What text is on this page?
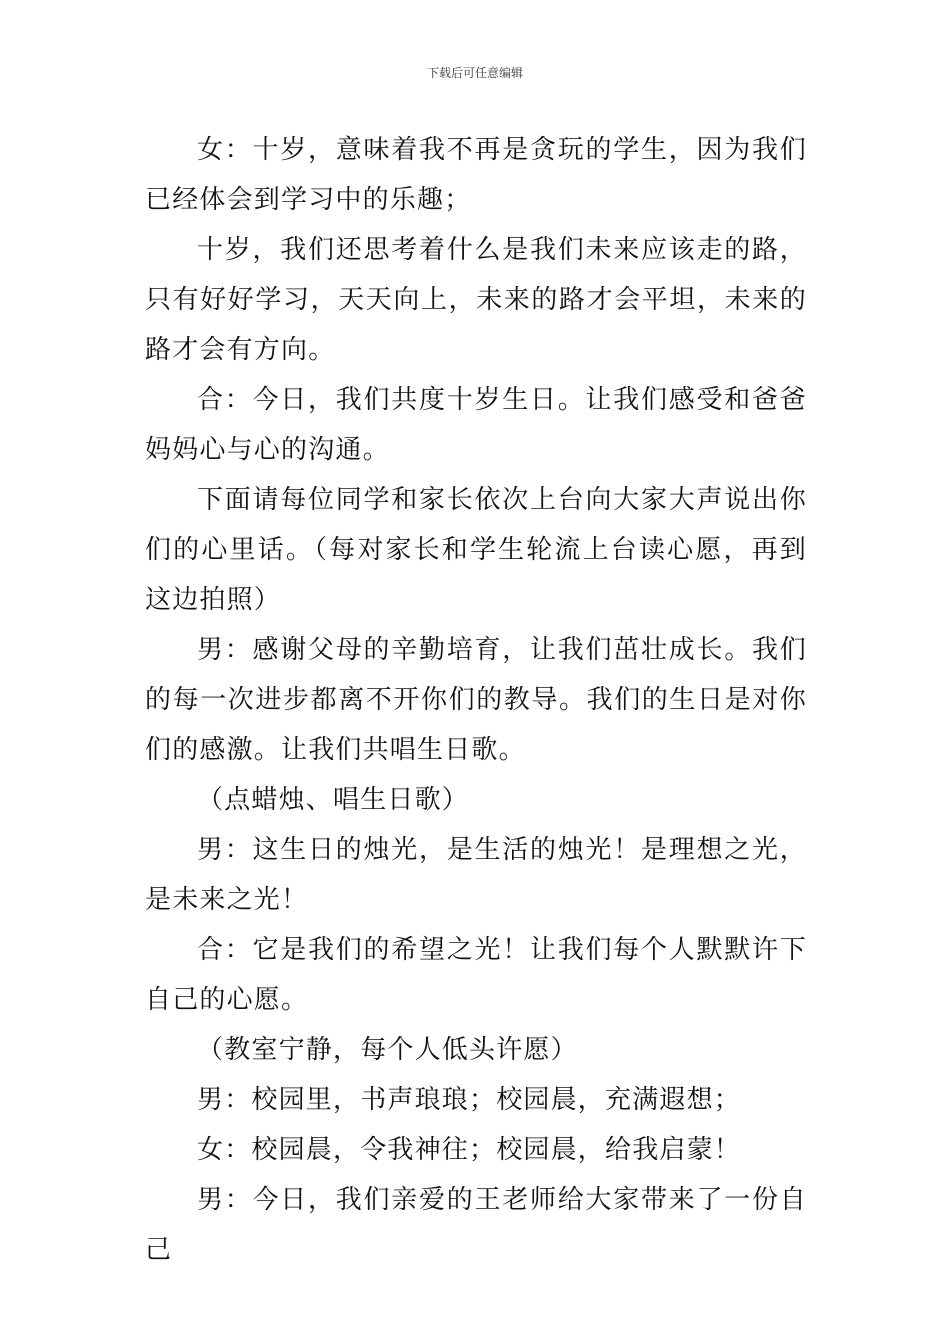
下载后可任意编辑

女：十岁，意味着我不再是贪玩的学生，因为我们已经体会到学习中的乐趣；

十岁，我们还思考着什么是我们未来应该走的路，只有好好学习，天天向上，未来的路才会平坦，未来的路才会有方向。

合：今日，我们共度十岁生日。让我们感受和爸爸妈妈心与心的沟通。

下面请每位同学和家长依次上台向大家大声说出你们的心里话。（每对家长和学生轮流上台读心愿，再到这边拍照）

男：感谢父母的辛勤培育，让我们茁壮成长。我们的每一次进步都离不开你们的教导。我们的生日是对你们的感激。让我们共唱生日歌。

（点蜡烛、唱生日歌）

男：这生日的烛光，是生活的烛光！是理想之光，是未来之光！

合：它是我们的希望之光！让我们每个人默默许下自己的心愿。

（教室宁静，每个人低头许愿）

男：校园里，书声琅琅；校园晨，充满遐想；

女：校园晨，令我神往；校园晨，给我启蒙！

男：今日，我们亲爱的王老师给大家带来了一份自己
